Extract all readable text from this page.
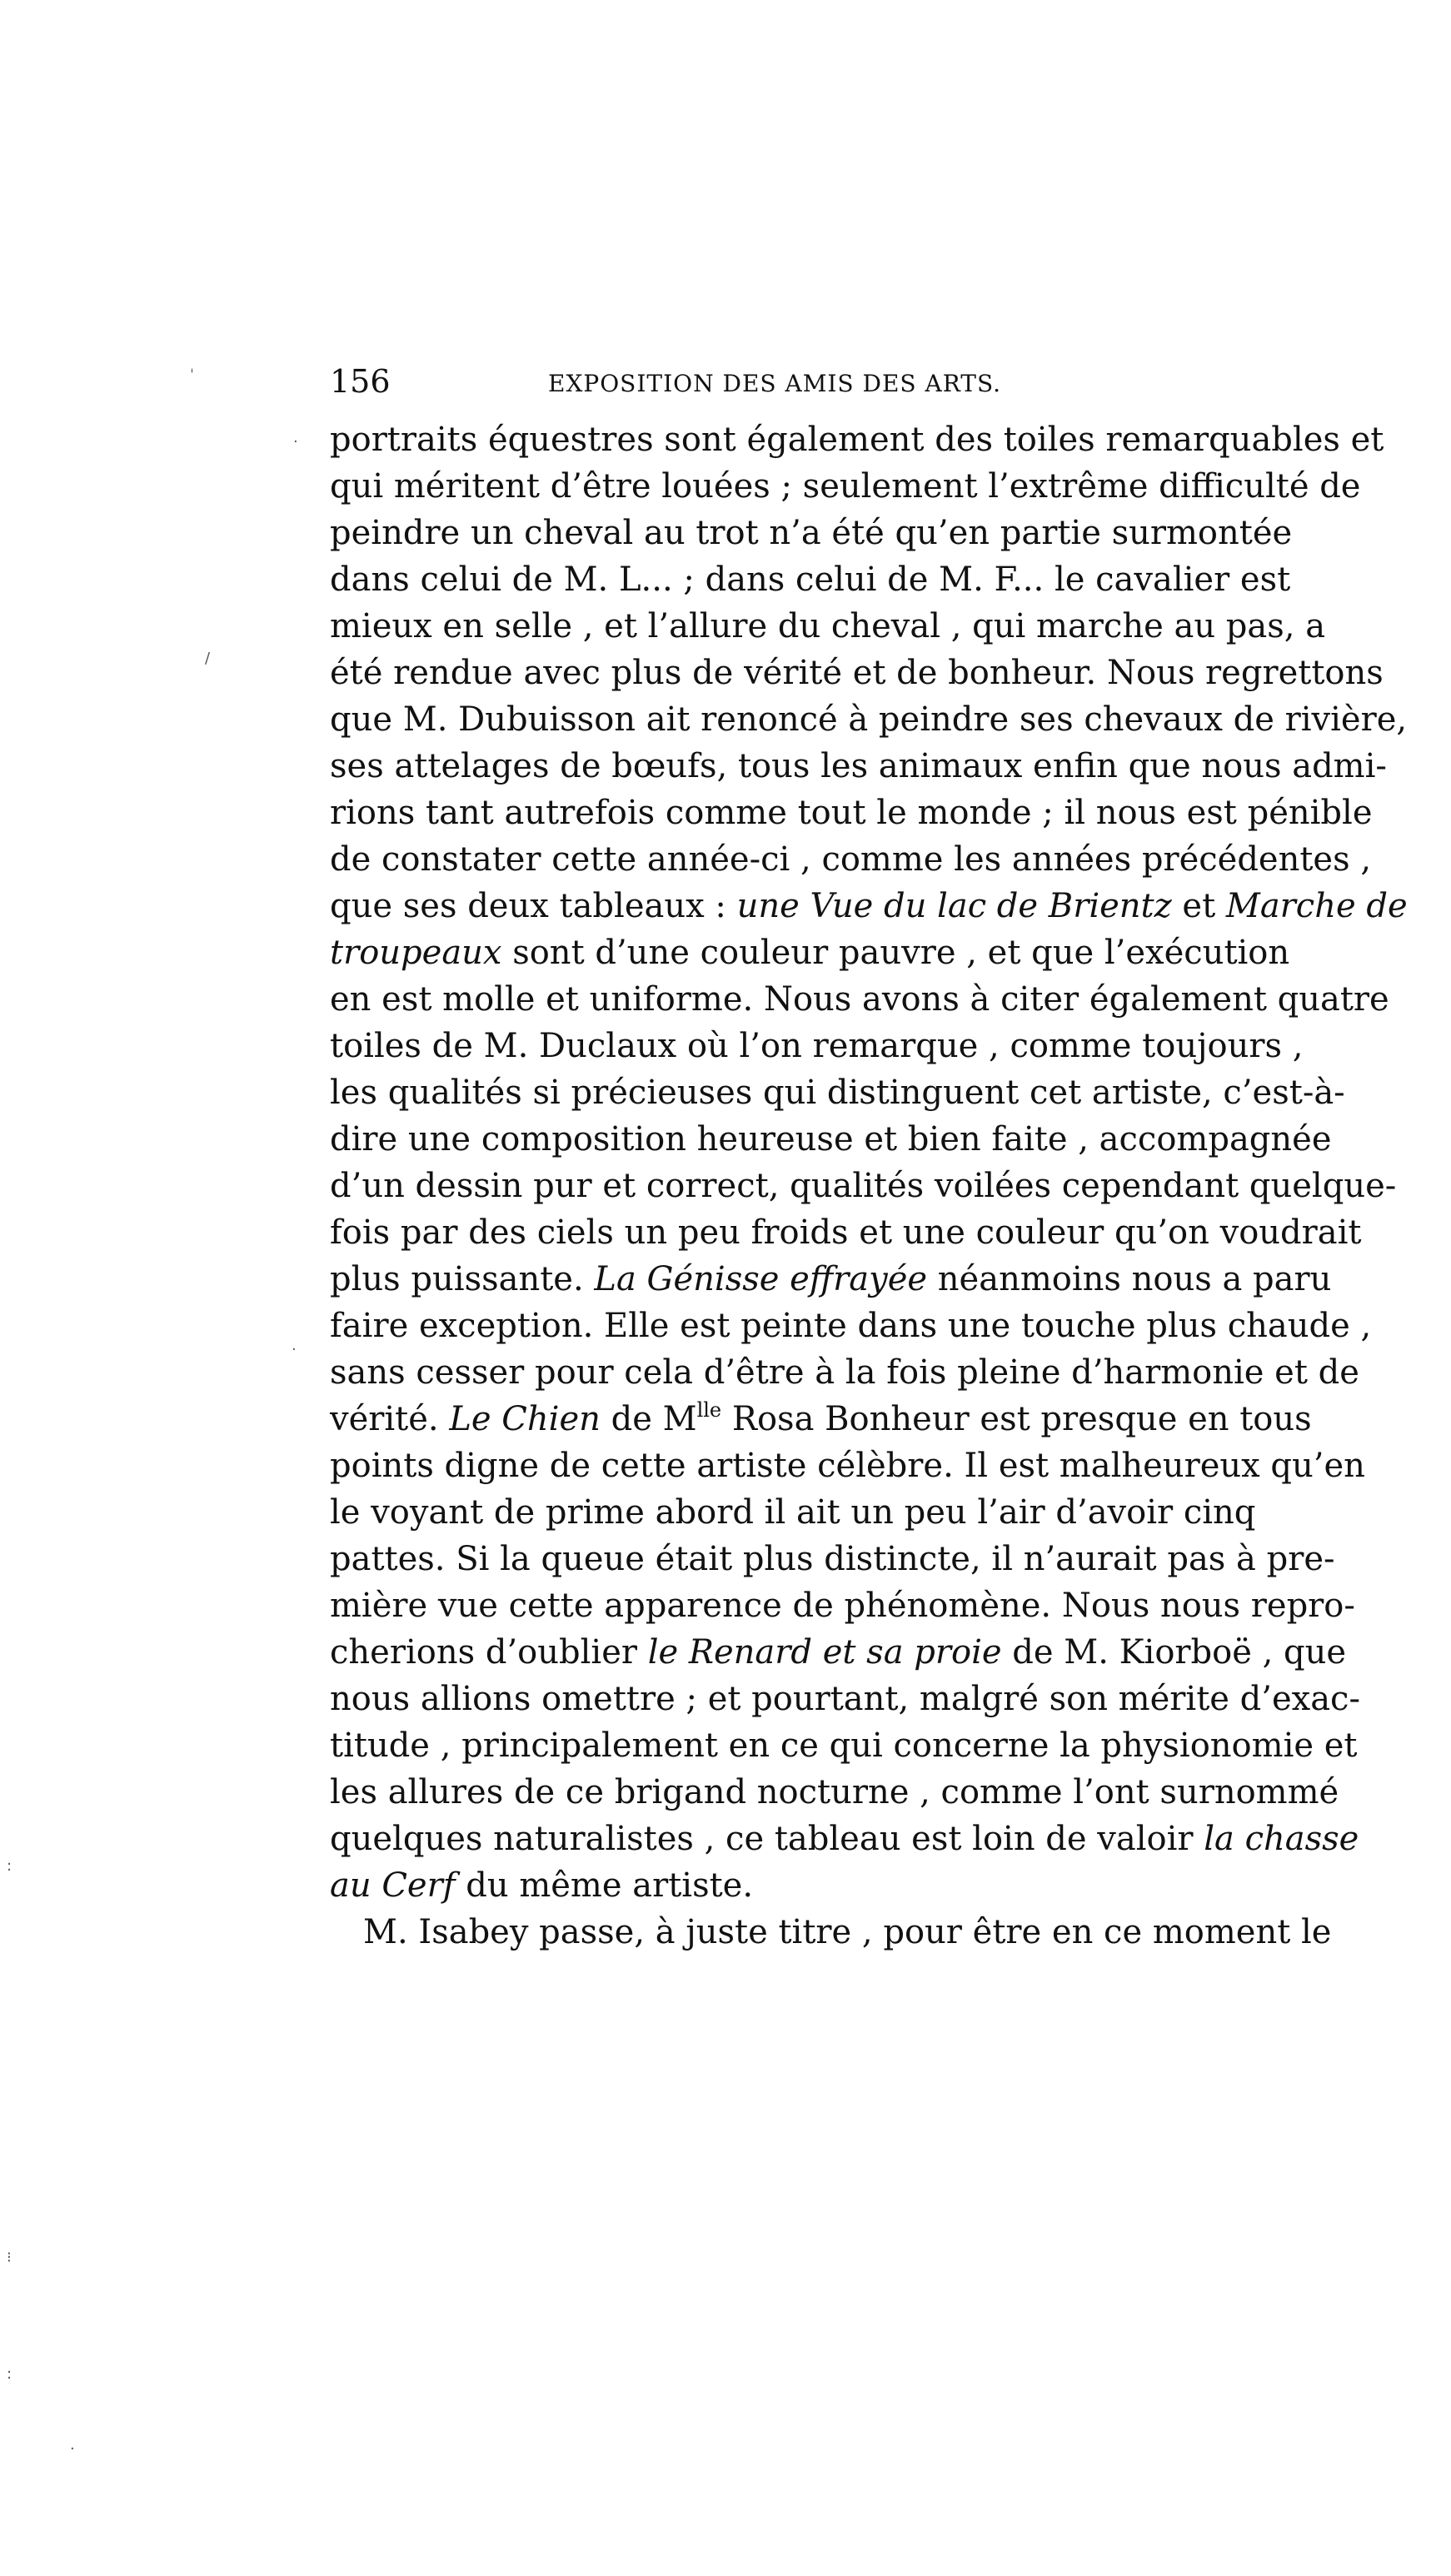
156	EXPOSITION DES AMIS DES ARTS.
portraits équestres sont également des toiles remarquables et
qui méritent d’être louées ; seulement l’extrême difficulté de
peindre un cheval au trot n’a été qu’en partie surmontée
dans celui de M. L... ; dans celui de M. F... le cavalier est
mieux en selle , et l’allure du cheval , qui marche au pas, a
été rendue avec plus de vérité et de bonheur. Nous regrettons
que M. Dubuisson ait renoncé à peindre ses chevaux de rivière,
ses attelages de bœufs, tous les animaux enfin que nous admi-
rions tant autrefois comme tout le monde ; il nous est pénible
de constater cette année-ci , comme les années précédentes ,
que ses deux tableaux : une Vue du lac de Brientz et Marche de
troupeaux sont d’une couleur pauvre , et que l’exécution
en est molle et uniforme. Nous avons à citer également quatre
toiles de M. Duclaux où l’on remarque , comme toujours ,
les qualités si précieuses qui distinguent cet artiste, c’est-à-
dire une composition heureuse et bien faite , accompagnée
d’un dessin pur et correct, qualités voilées cependant quelque-
fois par des ciels un peu froids et une couleur qu’on voudrait
plus puissante. La Génisse effrayée néanmoins nous a paru
faire exception. Elle est peinte dans une touche plus chaude ,
sans cesser pour cela d’être à la fois pleine d’harmonie et de
vérité. Le Chien de $M^{lle}$ Rosa Bonheur est presque en tous
points digne de cette artiste célèbre. Il est malheureux qu’en
le voyant de prime abord il ait un peu l’air d’avoir cinq
pattes. Si la queue était plus distincte, il n’aurait pas à pre-
mière vue cette apparence de phénomène. Nous nous repro-
cherions d’oublier le Renard et sa proie de M. Kiorboë , que
nous allions omettre ; et pourtant, malgré son mérite d’exac-
titude , principalement en ce qui concerne la physionomie et
les allures de ce brigand nocturne , comme l’ont surnommé
quelques naturalistes , ce tableau est loin de valoir la chasse
au Cerf du même artiste.
M. Isabey passe, à juste titre , pour être en ce moment le
ˈ
·
/
·
:
⁝
:
·
